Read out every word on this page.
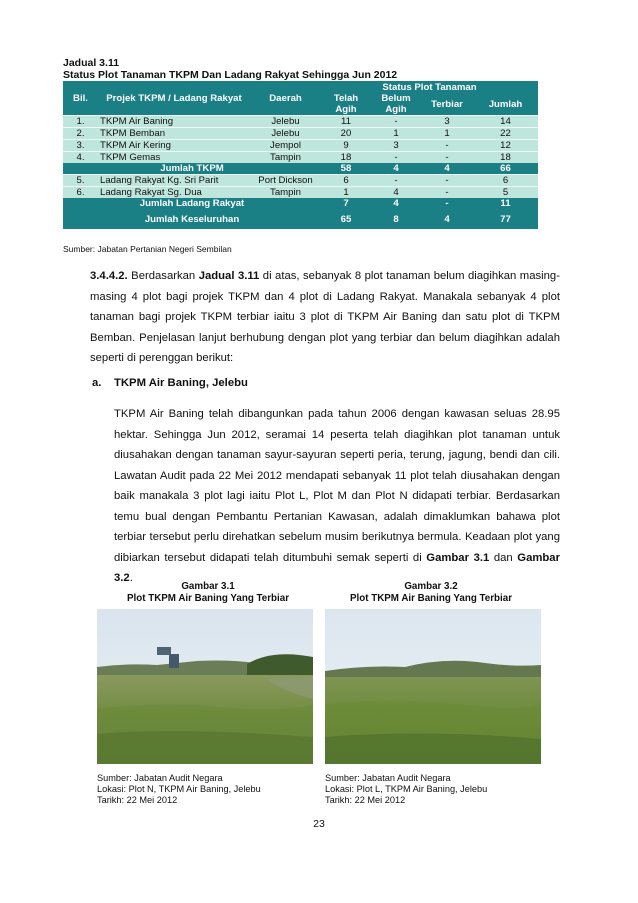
Jadual 3.11
Status Plot Tanaman TKPM Dan Ladang Rakyat Sehingga Jun 2012
Bil.	Projek TKPM / Ladang Rakyat	Daerah	Status Plot Tanaman			
			Telah Agih	Belum Agih	Terbiar	Jumlah
1.	TKPM Air Baning	Jelebu	11	-	3	14
2.	TKPM Bemban	Jelebu	20	1	1	22
3.	TKPM Air Kering	Jempol	9	3	-	12
4.	TKPM Gemas	Tampin	18	-	-	18
Jumlah TKPM			58	4	4	66
5.	Ladang Rakyat Kg. Sri Parit	Port Dickson	6	-	-	6
6.	Ladang Rakyat Sg. Dua	Tampin	1	4	-	5
Jumlah Ladang Rakyat			7	4	-	11
Jumlah Keseluruhan			65	8	4	77
Sumber: Jabatan Pertanian Negeri Sembilan
3.4.4.2. Berdasarkan Jadual 3.11 di atas, sebanyak 8 plot tanaman belum diagihkan masing-masing 4 plot bagi projek TKPM dan 4 plot di Ladang Rakyat. Manakala sebanyak 4 plot tanaman bagi projek TKPM terbiar iaitu 3 plot di TKPM Air Baning dan satu plot di TKPM Bemban. Penjelasan lanjut berhubung dengan plot yang terbiar dan belum diagihkan adalah seperti di perenggan berikut:
a. TKPM Air Baning, Jelebu
TKPM Air Baning telah dibangunkan pada tahun 2006 dengan kawasan seluas 28.95 hektar. Sehingga Jun 2012, seramai 14 peserta telah diagihkan plot tanaman untuk diusahakan dengan tanaman sayur-sayuran seperti peria, terung, jagung, bendi dan cili. Lawatan Audit pada 22 Mei 2012 mendapati sebanyak 11 plot telah diusahakan dengan baik manakala 3 plot lagi iaitu Plot L, Plot M dan Plot N didapati terbiar. Berdasarkan temu bual dengan Pembantu Pertanian Kawasan, adalah dimaklumkan bahawa plot terbiar tersebut perlu direhatkan sebelum musim berikutnya bermula. Keadaan plot yang dibiarkan tersebut didapati telah ditumbuhi semak seperti di Gambar 3.1 dan Gambar 3.2.
Gambar 3.1
Plot TKPM Air Baning Yang Terbiar
Gambar 3.2
Plot TKPM Air Baning Yang Terbiar
Sumber: Jabatan Audit Negara
Lokasi: Plot N, TKPM Air Baning, Jelebu
Tarikh: 22 Mei 2012
Sumber: Jabatan Audit Negara
Lokasi: Plot L, TKPM Air Baning, Jelebu
Tarikh: 22 Mei 2012
23
